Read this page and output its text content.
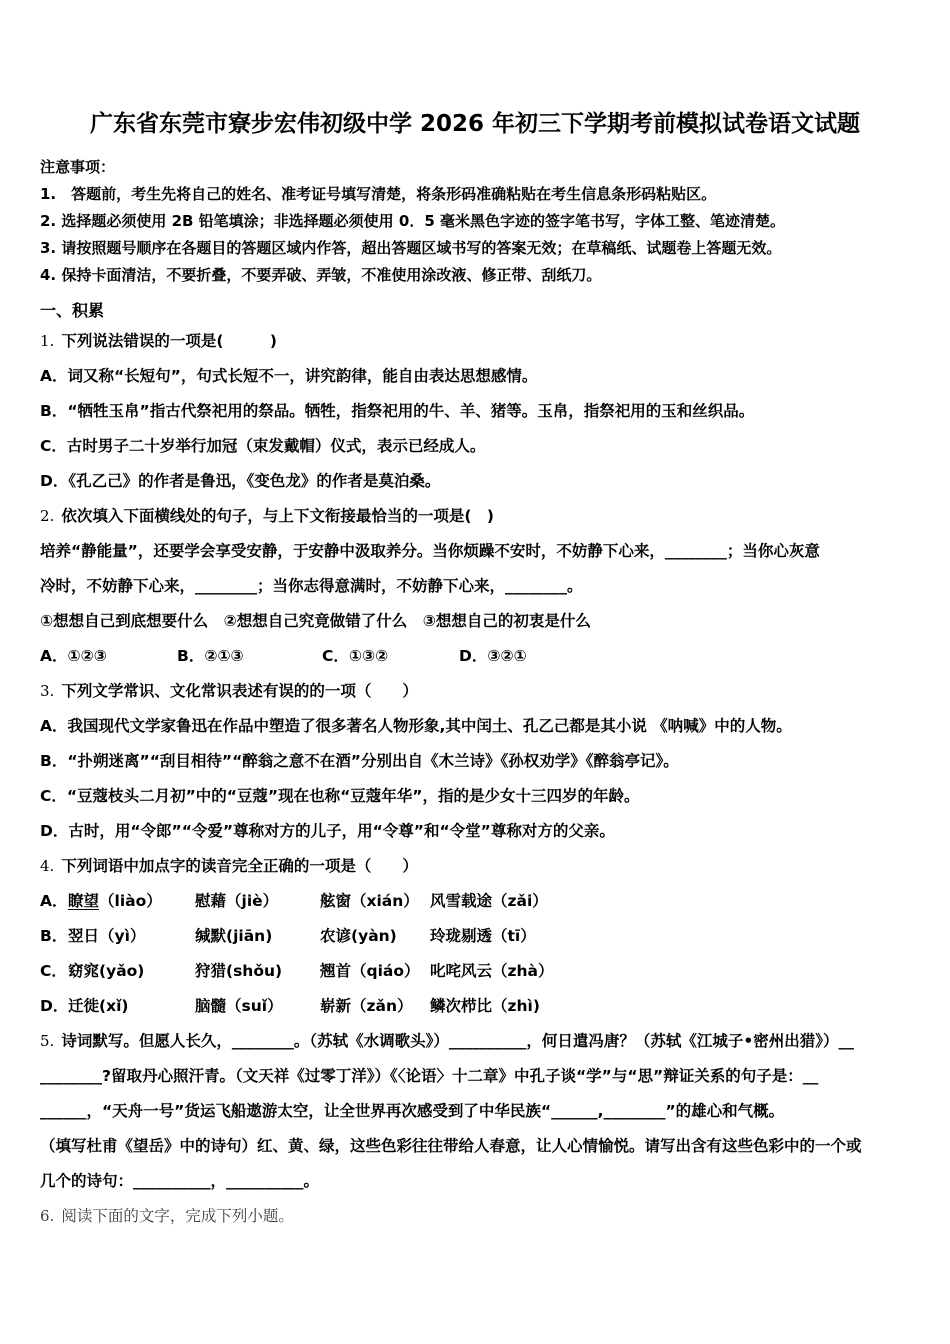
广东省东莞市寮步宏伟初级中学 2026 年初三下学期考前模拟试卷语文试题
注意事项：
1.　答题前，考生先将自己的姓名、准考证号填写清楚，将条形码准确粘贴在考生信息条形码粘贴区。
2. 选择题必须使用 2B 铅笔填涂；非选择题必须使用 0．5 毫米黑色字迹的签字笔书写，字体工整、笔迹清楚。
3. 请按照题号顺序在各题目的答题区域内作答，超出答题区域书写的答案无效；在草稿纸、试题卷上答题无效。
4. 保持卡面清洁，不要折叠，不要弄破、弄皱，不准使用涂改液、修正带、刮纸刀。
一、积累
1. 下列说法错误的一项是(　　　)
A．词又称“长短句”，句式长短不一，讲究韵律，能自由表达思想感情。
B．“牺牲玉帛”指古代祭祀用的祭品。牺牲，指祭祀用的牛、羊、猪等。玉帛，指祭祀用的玉和丝织品。
C．古时男子二十岁举行加冠（束发戴帽）仪式，表示已经成人。
D．《孔乙己》的作者是鲁迅，《变色龙》的作者是莫泊桑。
2. 依次填入下面横线处的句子，与上下文衔接最恰当的一项是(　)
培养“静能量”，还要学会享受安静，于安静中汲取养分。当你烦躁不安时，不妨静下心来，________；当你心灰意
冷时，不妨静下心来，________；当你志得意满时，不妨静下心来，________。
①想想自己到底想要什么　②想想自己究竟做错了什么　③想想自己的初衷是什么
A．①②③	B．②①③	C．①③②	D．③②①
3. 下列文学常识、文化常识表述有误的的一项（　　）
A．我国现代文学家鲁迅在作品中塑造了很多著名人物形象,其中闰土、孔乙己都是其小说 《呐喊》中的人物。
B．“扑朔迷离”“刮目相待”“醉翁之意不在酒”分别出自《木兰诗》《孙权劝学》《醉翁亭记》。
C．“豆蔻枝头二月初”中的“豆蔻”现在也称“豆蔻年华”，指的是少女十三四岁的年龄。
D．古时，用“令郎”“令爱”尊称对方的儿子，用“令尊”和“令堂”尊称对方的父亲。
4. 下列词语中加点字的读音完全正确的一项是（　　）
A．瞭望（liào） 慰藉（jiè）	舷窗（xián） 风雪载途（zǎi）
B．翌日（yì）	缄默(jiān)	农谚(yàn) 玲珑剔透（tī）
C．窈窕(yǎo)	狩猎(shǒu) 翘首（qiáo） 叱咤风云（zhà）
D．迁徙(xǐ)	脑髓（suǐ） 崭新（zǎn） 鳞次栉比（zhì)
5. 诗词默写。但愿人长久，________。（苏轼《水调歌头》）__________，何日遣冯唐？（苏轼《江城子•密州出猎》）__
________?留取丹心照汗青。（文天祥《过零丁洋》）《〈论语〉十二章》中孔子谈“学”与“思”辩证关系的句子是：__
______，“天舟一号”货运飞船遨游太空，让全世界再次感受到了中华民族“______,________”的雄心和气概。
（填写杜甫《望岳》中的诗句）红、黄、绿，这些色彩往往带给人春意，让人心情愉悦。请写出含有这些色彩中的一个或
几个的诗句：__________，__________。
6. 阅读下面的文字，完成下列小题。
